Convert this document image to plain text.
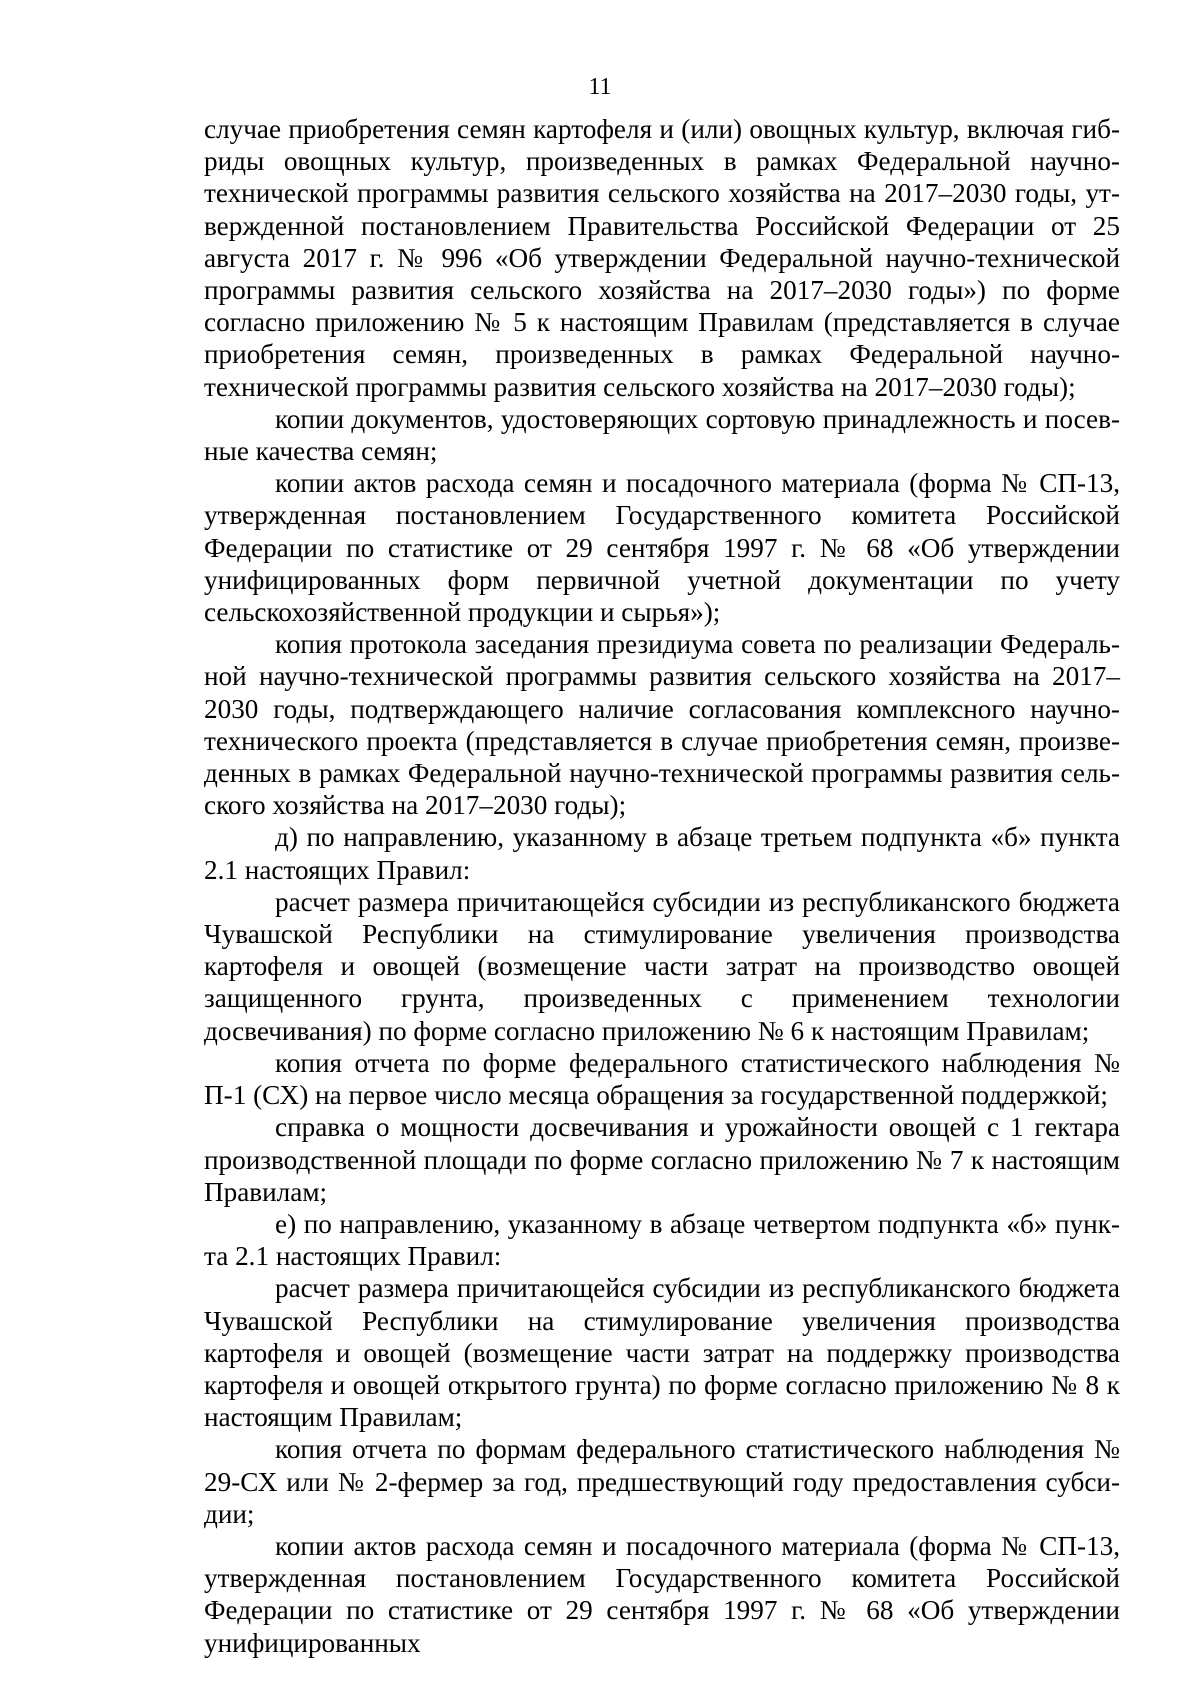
11

случае приобретения семян картофеля и (или) овощных культур, включая гибриды овощных культур, произведенных в рамках Федеральной научно-технической программы развития сельского хозяйства на 2017–2030 годы, утвержденной постановлением Правительства Российской Федерации от 25 августа 2017 г. № 996 «Об утверждении Федеральной научно-технической программы развития сельского хозяйства на 2017–2030 годы») по форме согласно приложению № 5 к настоящим Правилам (представляется в случае приобретения семян, произведенных в рамках Федеральной научно-технической программы развития сельского хозяйства на 2017–2030 годы);

копии документов, удостоверяющих сортовую принадлежность и посевные качества семян;

копии актов расхода семян и посадочного материала (форма № СП-13, утвержденная постановлением Государственного комитета Российской Федерации по статистике от 29 сентября 1997 г. № 68 «Об утверждении унифицированных форм первичной учетной документации по учету сельскохозяйственной продукции и сырья»);

копия протокола заседания президиума совета по реализации Федеральной научно-технической программы развития сельского хозяйства на 2017–2030 годы, подтверждающего наличие согласования комплексного научно-технического проекта (представляется в случае приобретения семян, произведенных в рамках Федеральной научно-технической программы развития сельского хозяйства на 2017–2030 годы);

д) по направлению, указанному в абзаце третьем подпункта «б» пункта 2.1 настоящих Правил:

расчет размера причитающейся субсидии из республиканского бюджета Чувашской Республики на стимулирование увеличения производства картофеля и овощей (возмещение части затрат на производство овощей защищенного грунта, произведенных с применением технологии досвечивания) по форме согласно приложению № 6 к настоящим Правилам;

копия отчета по форме федерального статистического наблюдения № П-1 (СХ) на первое число месяца обращения за государственной поддержкой;

справка о мощности досвечивания и урожайности овощей с 1 гектара производственной площади по форме согласно приложению № 7 к настоящим Правилам;

е) по направлению, указанному в абзаце четвертом подпункта «б» пункта 2.1 настоящих Правил:

расчет размера причитающейся субсидии из республиканского бюджета Чувашской Республики на стимулирование увеличения производства картофеля и овощей (возмещение части затрат на поддержку производства картофеля и овощей открытого грунта) по форме согласно приложению № 8 к настоящим Правилам;

копия отчета по формам федерального статистического наблюдения № 29-СХ или № 2-фермер за год, предшествующий году предоставления субсидии;

копии актов расхода семян и посадочного материала (форма № СП-13, утвержденная постановлением Государственного комитета Российской Федерации по статистике от 29 сентября 1997 г. № 68 «Об утверждении унифицированных
